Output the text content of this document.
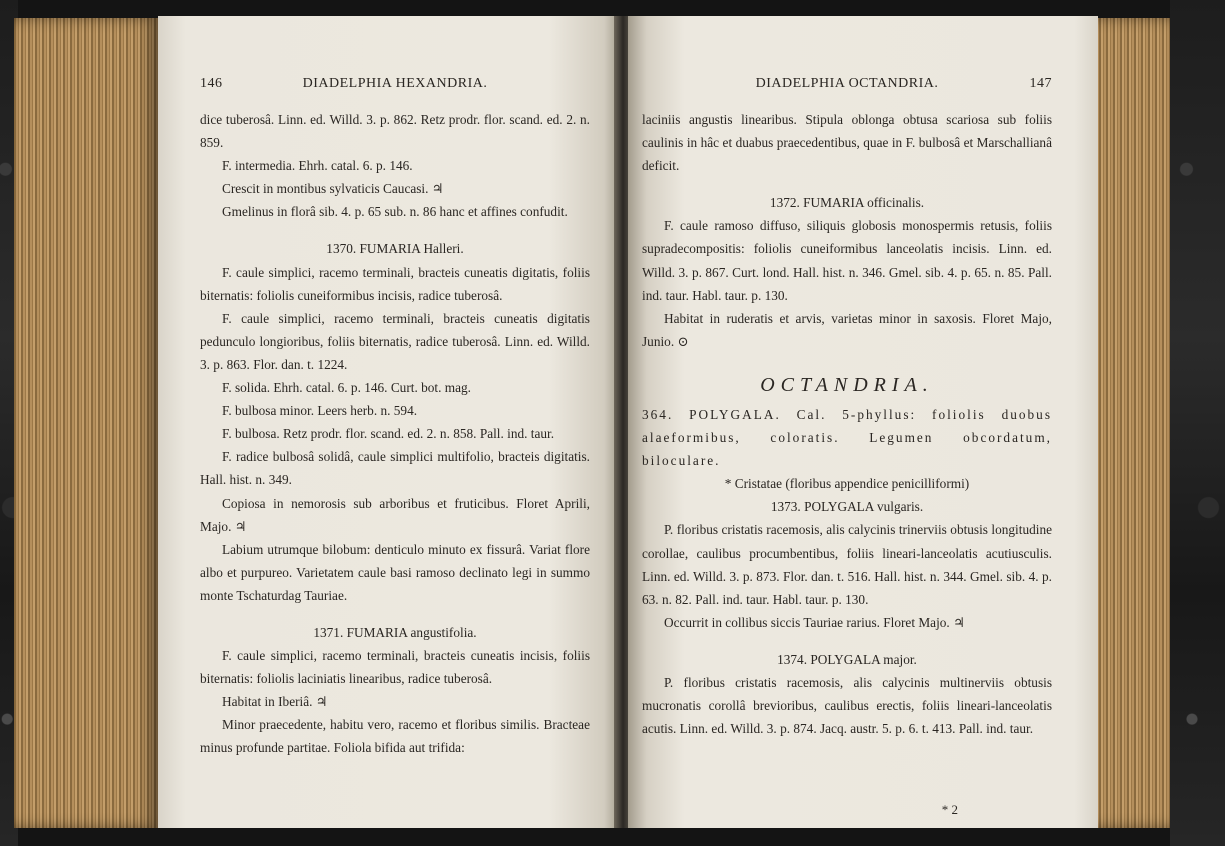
146	DIADELPHIA HEXANDRIA.

dice tuberosâ. Linn. ed. Willd. 3. p. 862. Retz prodr. flor. scand. ed. 2. n. 859.

F. intermedia. Ehrh. catal. 6. p. 146.

Crescit in montibus sylvaticis Caucasi. ♃

Gmelinus in florâ sib. 4. p. 65 sub. n. 86 hanc et affines confudit.

1370. FUMARIA Halleri.

F. caule simplici, racemo terminali, bracteis cuneatis digitatis, foliis biternatis: foliolis cuneiformibus incisis, radice tuberosâ.

F. caule simplici, racemo terminali, bracteis cuneatis digitatis pedunculo longioribus, foliis biternatis, radice tuberosâ. Linn. ed. Willd. 3. p. 863. Flor. dan. t. 1224.

F. solida. Ehrh. catal. 6. p. 146. Curt. bot. mag.

F. bulbosa minor. Leers herb. n. 594.

F. bulbosa. Retz prodr. flor. scand. ed. 2. n. 858. Pall. ind. taur.

F. radice bulbosâ solidâ, caule simplici multifolio, bracteis digitatis. Hall. hist. n. 349.

Copiosa in nemorosis sub arboribus et fruticibus. Floret Aprili, Majo. ♃

Labium utrumque bilobum: denticulo minuto ex fissurâ. Variat flore albo et purpureo. Varietatem caule basi ramoso declinato legi in summo monte Tschaturdag Tauriae.

1371. FUMARIA angustifolia.

F. caule simplici, racemo terminali, bracteis cuneatis incisis, foliis biternatis: foliolis laciniatis linearibus, radice tuberosâ.

Habitat in Iberiâ. ♃

Minor praecedente, habitu vero, racemo et floribus similis. Bracteae minus profunde partitae. Foliola bifida aut trifida:

DIADELPHIA OCTANDRIA.	147

laciniis angustis linearibus. Stipula oblonga obtusa scariosa sub foliis caulinis in hâc et duabus praecedentibus, quae in F. bulbosâ et Marschallianâ deficit.

1372. FUMARIA officinalis.

F. caule ramoso diffuso, siliquis globosis monospermis retusis, foliis supradecompositis: foliolis cuneiformibus lanceolatis incisis. Linn. ed. Willd. 3. p. 867. Curt. lond. Hall. hist. n. 346. Gmel. sib. 4. p. 65. n. 85. Pall. ind. taur. Habl. taur. p. 130.

Habitat in ruderatis et arvis, varietas minor in saxosis. Floret Majo, Junio. ⊙

OCTANDRIA.

364. POLYGALA. Cal. 5-phyllus: foliolis duobus alaeformibus, coloratis. Legumen obcordatum, biloculare.

* Cristatae (floribus appendice penicilliformi)

1373. POLYGALA vulgaris.

P. floribus cristatis racemosis, alis calycinis trinerviis obtusis longitudine corollae, caulibus procumbentibus, foliis lineari-lanceolatis acutiusculis. Linn. ed. Willd. 3. p. 873. Flor. dan. t. 516. Hall. hist. n. 344. Gmel. sib. 4. p. 63. n. 82. Pall. ind. taur. Habl. taur. p. 130.

Occurrit in collibus siccis Tauriae rarius. Floret Majo. ♃

1374. POLYGALA major.

P. floribus cristatis racemosis, alis calycinis multinerviis obtusis mucronatis corollâ brevioribus, caulibus erectis, foliis lineari-lanceolatis acutis. Linn. ed. Willd. 3. p. 874. Jacq. austr. 5. p. 6. t. 413. Pall. ind. taur.

* 2
